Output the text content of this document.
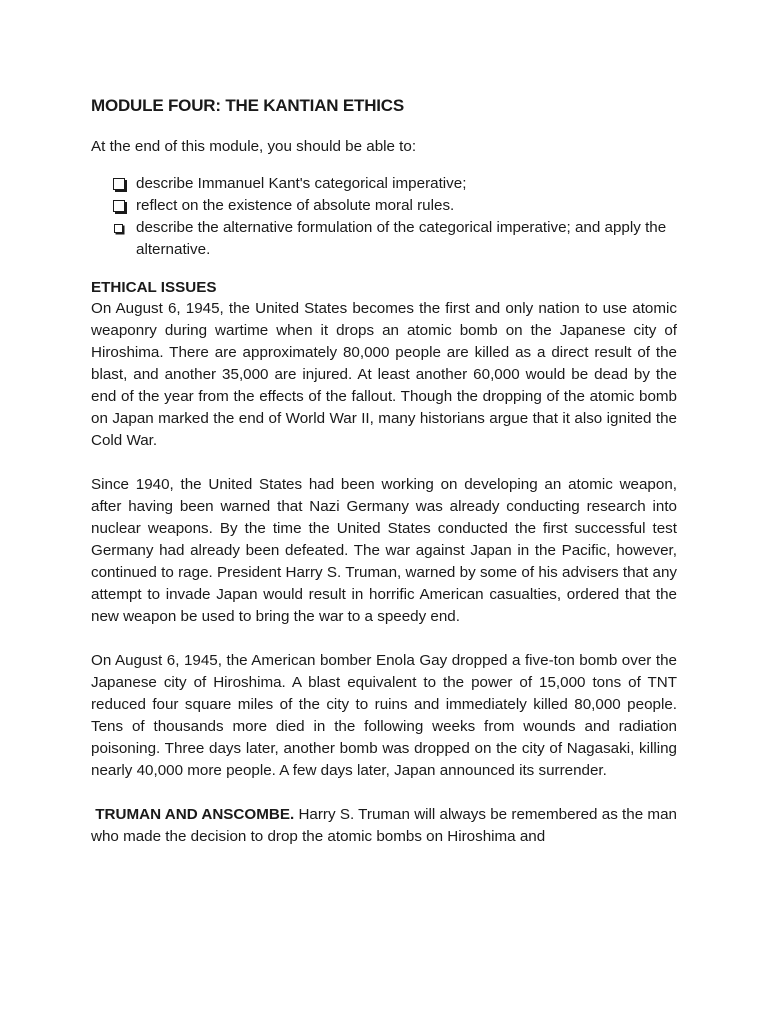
MODULE FOUR: THE KANTIAN ETHICS

At the end of this module, you should be able to:

describe Immanuel Kant's categorical imperative;
reflect on the existence of absolute moral rules.
describe the alternative formulation of the categorical imperative; and apply the alternative.
ETHICAL ISSUES

On August 6, 1945, the United States becomes the first and only nation to use atomic weaponry during wartime when it drops an atomic bomb on the Japanese city of Hiroshima. There are approximately 80,000 people are killed as a direct result of the blast, and another 35,000 are injured. At least another 60,000 would be dead by the end of the year from the effects of the fallout. Though the dropping of the atomic bomb on Japan marked the end of World War II, many historians argue that it also ignited the Cold War.

Since 1940, the United States had been working on developing an atomic weapon, after having been warned that Nazi Germany was already conducting research into nuclear weapons. By the time the United States conducted the first successful test Germany had already been defeated. The war against Japan in the Pacific, however, continued to rage. President Harry S. Truman, warned by some of his advisers that any attempt to invade Japan would result in horrific American casualties, ordered that the new weapon be used to bring the war to a speedy end.

On August 6, 1945, the American bomber Enola Gay dropped a five-ton bomb over the Japanese city of Hiroshima. A blast equivalent to the power of 15,000 tons of TNT reduced four square miles of the city to ruins and immediately killed 80,000 people. Tens of thousands more died in the following weeks from wounds and radiation poisoning. Three days later, another bomb was dropped on the city of Nagasaki, killing nearly 40,000 more people. A few days later, Japan announced its surrender.

TRUMAN AND ANSCOMBE. Harry S. Truman will always be remembered as the man who made the decision to drop the atomic bombs on Hiroshima and
